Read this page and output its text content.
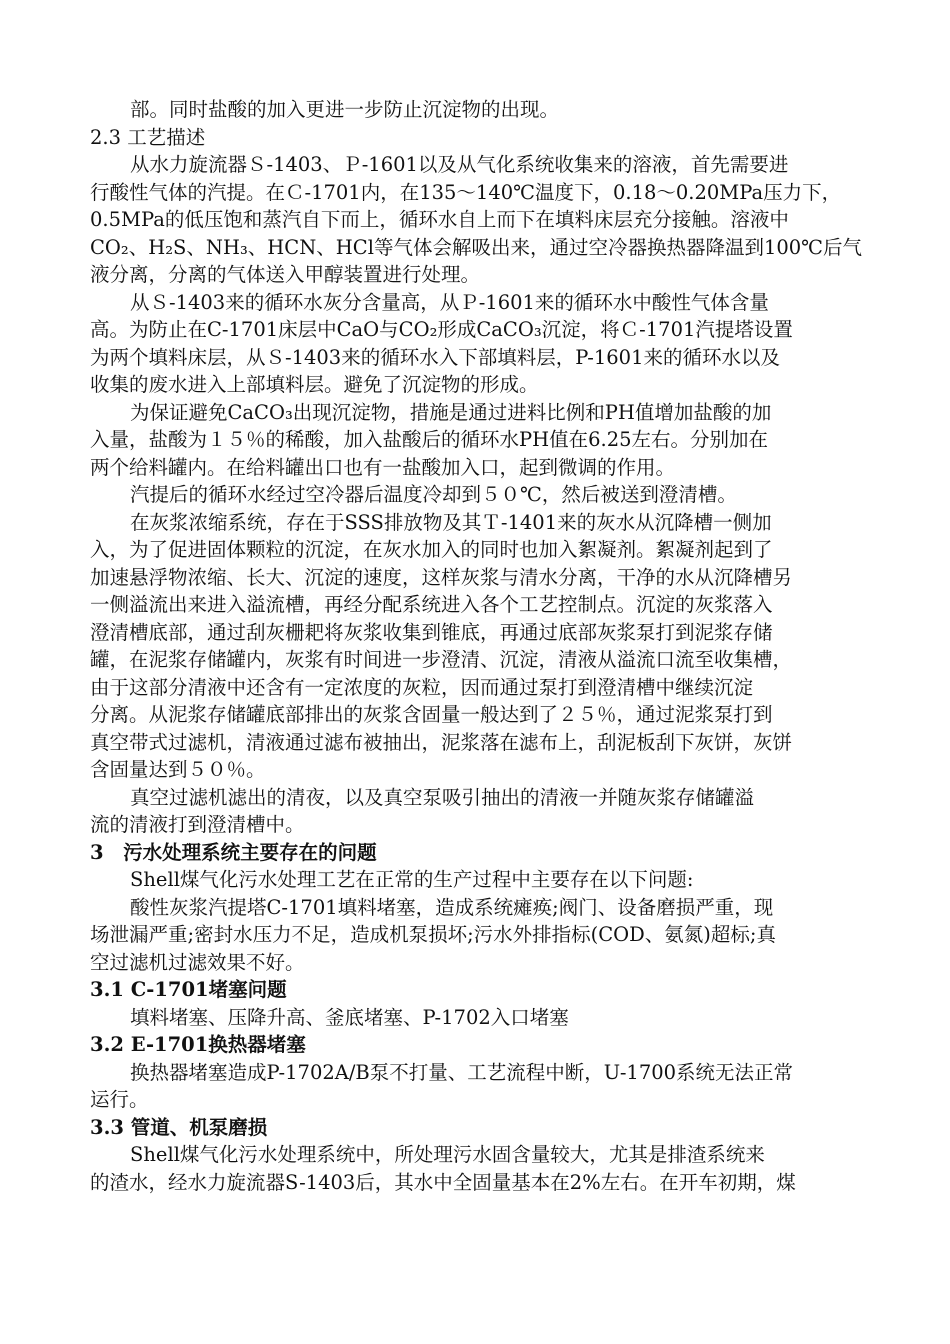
部。同时盐酸的加入更进一步防止沉淀物的出现。
2.3 工艺描述
从水力旋流器Ｓ-1403、Ｐ-1601以及从气化系统收集来的溶液，首先需要进
行酸性气体的汽提。在Ｃ-1701内，在135～140℃温度下，0.18～0.20MPa压力下，
0.5MPa的低压饱和蒸汽自下而上，循环水自上而下在填料床层充分接触。溶液中
CO₂、H₂S、NH₃、HCN、HCl等气体会解吸出来，通过空冷器换热器降温到100℃后气
液分离，分离的气体送入甲醇装置进行处理。
从Ｓ-1403来的循环水灰分含量高，从Ｐ-1601来的循环水中酸性气体含量
高。为防止在C-1701床层中CaO与CO₂形成CaCO₃沉淀，将Ｃ-1701汽提塔设置
为两个填料床层，从Ｓ-1403来的循环水入下部填料层，P-1601来的循环水以及
收集的废水进入上部填料层。避免了沉淀物的形成。
为保证避免CaCO₃出现沉淀物，措施是通过进料比例和PH值增加盐酸的加
入量，盐酸为１５％的稀酸，加入盐酸后的循环水PH值在6.25左右。分别加在
两个给料罐内。在给料罐出口也有一盐酸加入口，起到微调的作用。
汽提后的循环水经过空冷器后温度冷却到５０℃，然后被送到澄清槽。
在灰浆浓缩系统，存在于SSS排放物及其Ｔ-1401来的灰水从沉降槽一侧加
入，为了促进固体颗粒的沉淀，在灰水加入的同时也加入絮凝剂。絮凝剂起到了
加速悬浮物浓缩、长大、沉淀的速度，这样灰浆与清水分离，干净的水从沉降槽另
一侧溢流出来进入溢流槽，再经分配系统进入各个工艺控制点。沉淀的灰浆落入
澄清槽底部，通过刮灰栅耙将灰浆收集到锥底，再通过底部灰浆泵打到泥浆存储
罐，在泥浆存储罐内，灰浆有时间进一步澄清、沉淀，清液从溢流口流至收集槽，
由于这部分清液中还含有一定浓度的灰粒，因而通过泵打到澄清槽中继续沉淀
分离。从泥浆存储罐底部排出的灰浆含固量一般达到了２５％，通过泥浆泵打到
真空带式过滤机，清液通过滤布被抽出，泥浆落在滤布上，刮泥板刮下灰饼，灰饼
含固量达到５０％。
真空过滤机滤出的清夜，以及真空泵吸引抽出的清液一并随灰浆存储罐溢
流的清液打到澄清槽中。
3　污水处理系统主要存在的问题
Shell煤气化污水处理工艺在正常的生产过程中主要存在以下问题:
酸性灰浆汽提塔C-1701填料堵塞，造成系统瘫痪;阀门、设备磨损严重，现
场泄漏严重;密封水压力不足，造成机泵损坏;污水外排指标(COD、氨氮)超标;真
空过滤机过滤效果不好。
3.1 C-1701堵塞问题
填料堵塞、压降升高、釜底堵塞、P-1702入口堵塞
3.2 E-1701换热器堵塞
换热器堵塞造成P-1702A/B泵不打量、工艺流程中断，U-1700系统无法正常
运行。
3.3 管道、机泵磨损
Shell煤气化污水处理系统中，所处理污水固含量较大，尤其是排渣系统来
的渣水，经水力旋流器S-1403后，其水中全固量基本在2%左右。在开车初期，煤
